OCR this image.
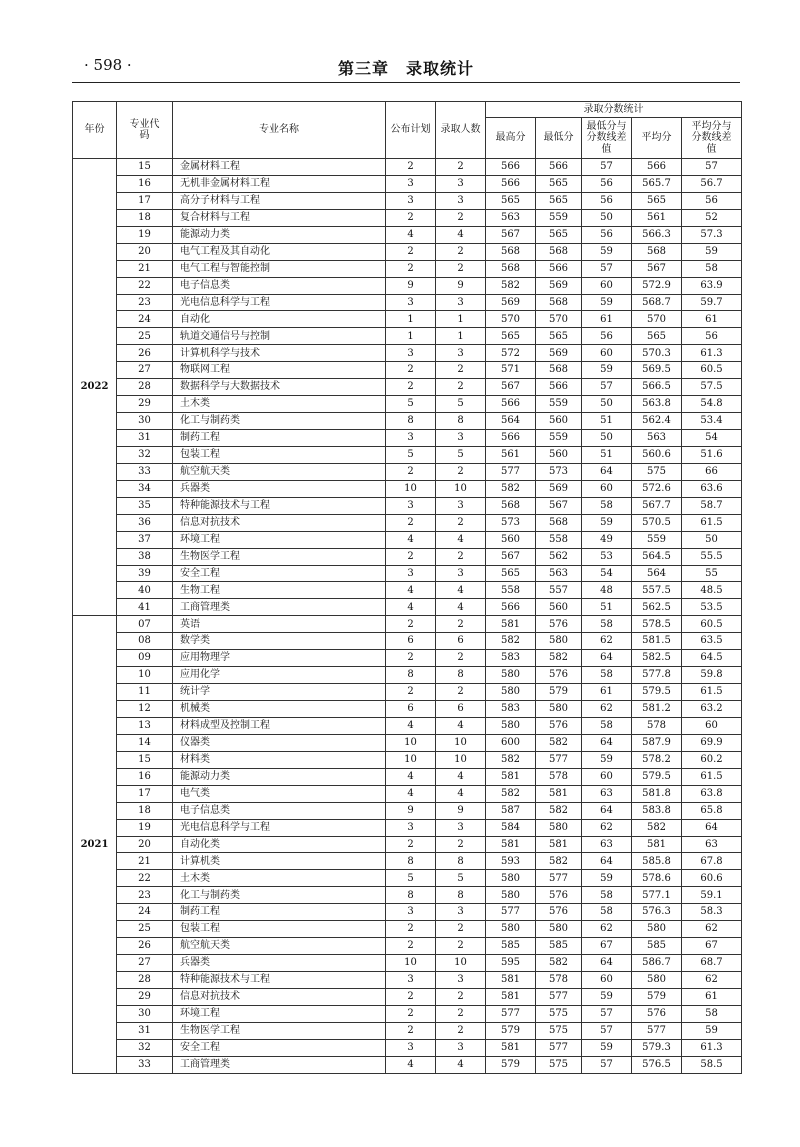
· 598 ·	第三章　录取统计
年份	专业代码	专业名称	公布计划	录取人数	录取分数统计				
					最高分	最低分	最低分与分数线差值	平均分	平均分与分数线差值
2022	15	金属材料工程	2	2	566	566	57	566	57
	16	无机非金属材料工程	3	3	566	565	56	565.7	56.7
	17	高分子材料与工程	3	3	565	565	56	565	56
	18	复合材料与工程	2	2	563	559	50	561	52
	19	能源动力类	4	4	567	565	56	566.3	57.3
	20	电气工程及其自动化	2	2	568	568	59	568	59
	21	电气工程与智能控制	2	2	568	566	57	567	58
	22	电子信息类	9	9	582	569	60	572.9	63.9
	23	光电信息科学与工程	3	3	569	568	59	568.7	59.7
	24	自动化	1	1	570	570	61	570	61
	25	轨道交通信号与控制	1	1	565	565	56	565	56
	26	计算机科学与技术	3	3	572	569	60	570.3	61.3
	27	物联网工程	2	2	571	568	59	569.5	60.5
	28	数据科学与大数据技术	2	2	567	566	57	566.5	57.5
	29	土木类	5	5	566	559	50	563.8	54.8
	30	化工与制药类	8	8	564	560	51	562.4	53.4
	31	制药工程	3	3	566	559	50	563	54
	32	包装工程	5	5	561	560	51	560.6	51.6
	33	航空航天类	2	2	577	573	64	575	66
	34	兵器类	10	10	582	569	60	572.6	63.6
	35	特种能源技术与工程	3	3	568	567	58	567.7	58.7
	36	信息对抗技术	2	2	573	568	59	570.5	61.5
	37	环境工程	4	4	560	558	49	559	50
	38	生物医学工程	2	2	567	562	53	564.5	55.5
	39	安全工程	3	3	565	563	54	564	55
	40	生物工程	4	4	558	557	48	557.5	48.5
	41	工商管理类	4	4	566	560	51	562.5	53.5
2021	07	英语	2	2	581	576	58	578.5	60.5
	08	数学类	6	6	582	580	62	581.5	63.5
	09	应用物理学	2	2	583	582	64	582.5	64.5
	10	应用化学	8	8	580	576	58	577.8	59.8
	11	统计学	2	2	580	579	61	579.5	61.5
	12	机械类	6	6	583	580	62	581.2	63.2
	13	材料成型及控制工程	4	4	580	576	58	578	60
	14	仪器类	10	10	600	582	64	587.9	69.9
	15	材料类	10	10	582	577	59	578.2	60.2
	16	能源动力类	4	4	581	578	60	579.5	61.5
	17	电气类	4	4	582	581	63	581.8	63.8
	18	电子信息类	9	9	587	582	64	583.8	65.8
	19	光电信息科学与工程	3	3	584	580	62	582	64
	20	自动化类	2	2	581	581	63	581	63
	21	计算机类	8	8	593	582	64	585.8	67.8
	22	土木类	5	5	580	577	59	578.6	60.6
	23	化工与制药类	8	8	580	576	58	577.1	59.1
	24	制药工程	3	3	577	576	58	576.3	58.3
	25	包装工程	2	2	580	580	62	580	62
	26	航空航天类	2	2	585	585	67	585	67
	27	兵器类	10	10	595	582	64	586.7	68.7
	28	特种能源技术与工程	3	3	581	578	60	580	62
	29	信息对抗技术	2	2	581	577	59	579	61
	30	环境工程	2	2	577	575	57	576	58
	31	生物医学工程	2	2	579	575	57	577	59
	32	安全工程	3	3	581	577	59	579.3	61.3
	33	工商管理类	4	4	579	575	57	576.5	58.5
